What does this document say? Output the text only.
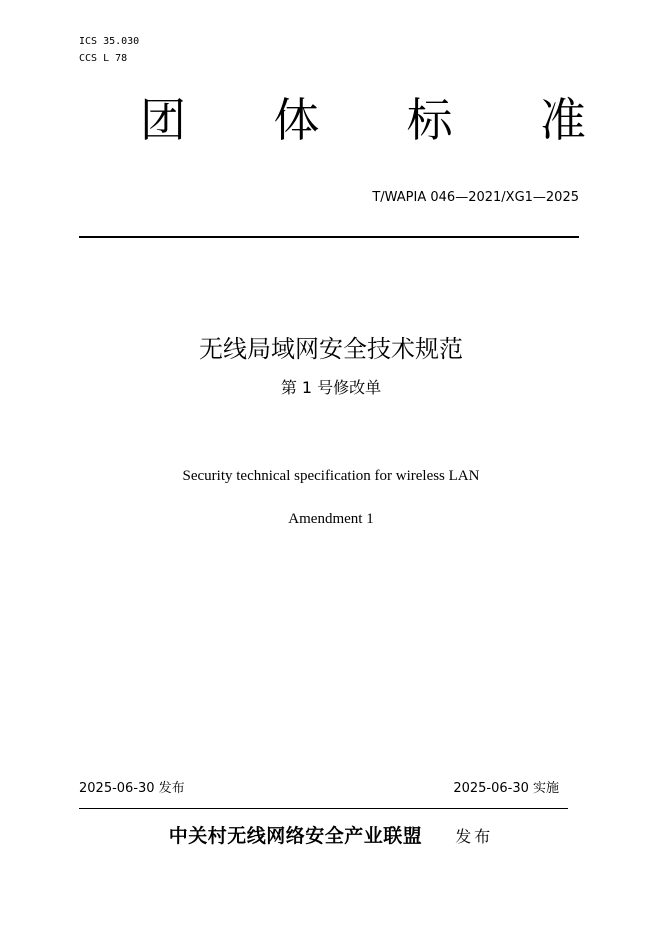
ICS 35.030
CCS L 78
团 体 标 准
T/WAPIA 046—2021/XG1—2025
无线局域网安全技术规范
第 1 号修改单
Security technical specification for wireless LAN
Amendment 1
2025-06-30 发布	2025-06-30 实施
中关村无线网络安全产业联盟 发布
